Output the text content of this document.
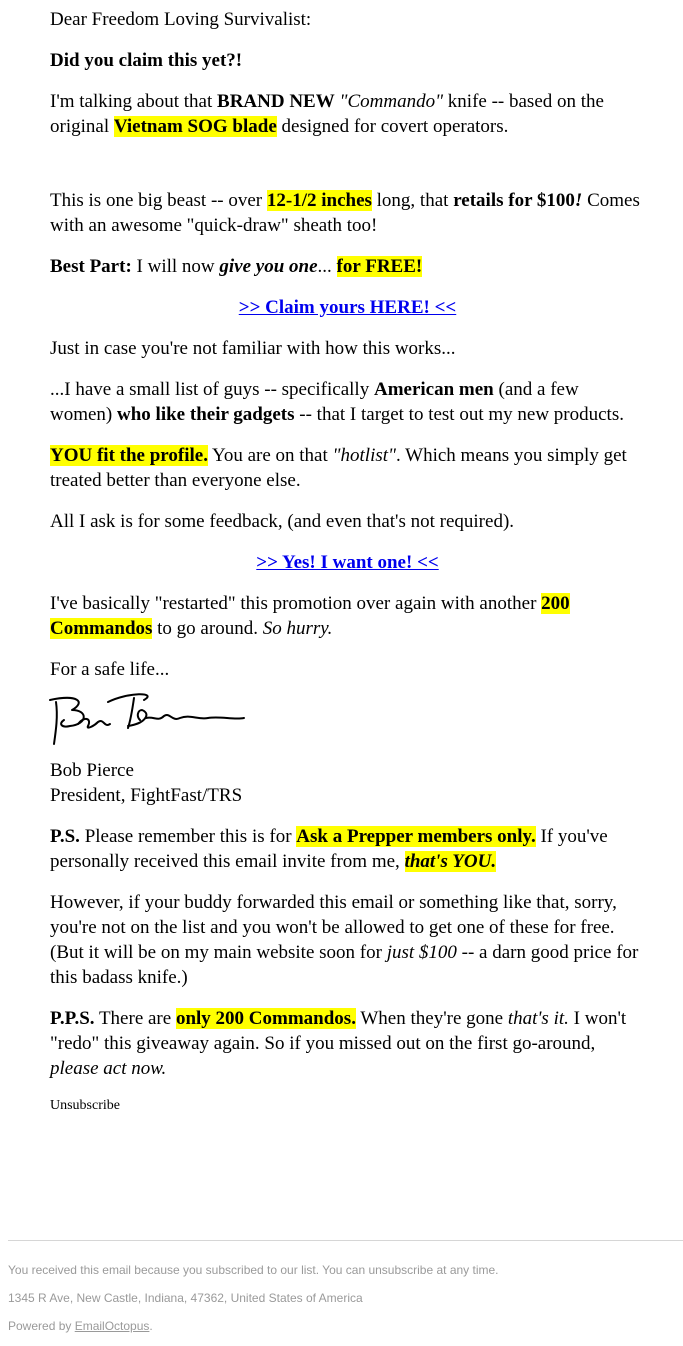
Dear Freedom Loving Survivalist:

Did you claim this yet?!

I'm talking about that BRAND NEW "Commando" knife -- based on the original Vietnam SOG blade designed for covert operators.

This is one big beast -- over 12-1/2 inches long, that retails for $100! Comes with an awesome "quick-draw" sheath too!

Best Part: I will now give you one... for FREE!

>> Claim yours HERE! <<

Just in case you're not familiar with how this works...

...I have a small list of guys -- specifically American men (and a few women) who like their gadgets -- that I target to test out my new products.

YOU fit the profile. You are on that "hotlist". Which means you simply get treated better than everyone else.

All I ask is for some feedback, (and even that's not required).

>> Yes! I want one! <<

I've basically "restarted" this promotion over again with another 200 Commandos to go around. So hurry.

For a safe life...

Bob Pierce
President, FightFast/TRS

P.S. Please remember this is for Ask a Prepper members only. If you've personally received this email invite from me, that's YOU.

However, if your buddy forwarded this email or something like that, sorry, you're not on the list and you won't be allowed to get one of these for free. (But it will be on my main website soon for just $100 -- a darn good price for this badass knife.)

P.P.S. There are only 200 Commandos. When they're gone that's it. I won't "redo" this giveaway again. So if you missed out on the first go-around, please act now.

Unsubscribe

You received this email because you subscribed to our list. You can unsubscribe at any time.

1345 R Ave, New Castle, Indiana, 47362, United States of America

Powered by EmailOctopus.
